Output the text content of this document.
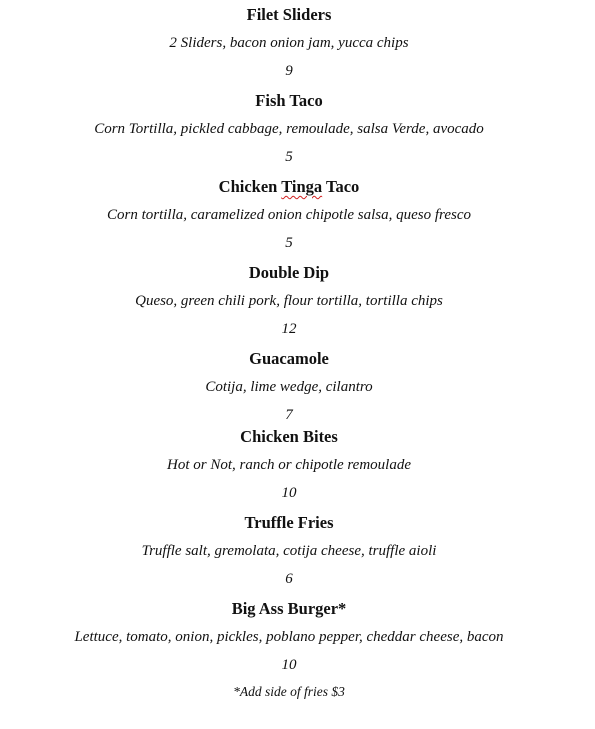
Filet Sliders
2 Sliders, bacon onion jam, yucca chips
9
Fish Taco
Corn Tortilla, pickled cabbage, remoulade, salsa Verde, avocado
5
Chicken Tinga Taco
Corn tortilla, caramelized onion chipotle salsa, queso fresco
5
Double Dip
Queso, green chili pork, flour tortilla, tortilla chips
12
Guacamole
Cotija, lime wedge, cilantro
7
Chicken Bites
Hot or Not, ranch or chipotle remoulade
10
Truffle Fries
Truffle salt, gremolata, cotija cheese, truffle aioli
6
Big Ass Burger*
Lettuce, tomato, onion, pickles, poblano pepper, cheddar cheese, bacon
10
*Add side of fries $3
